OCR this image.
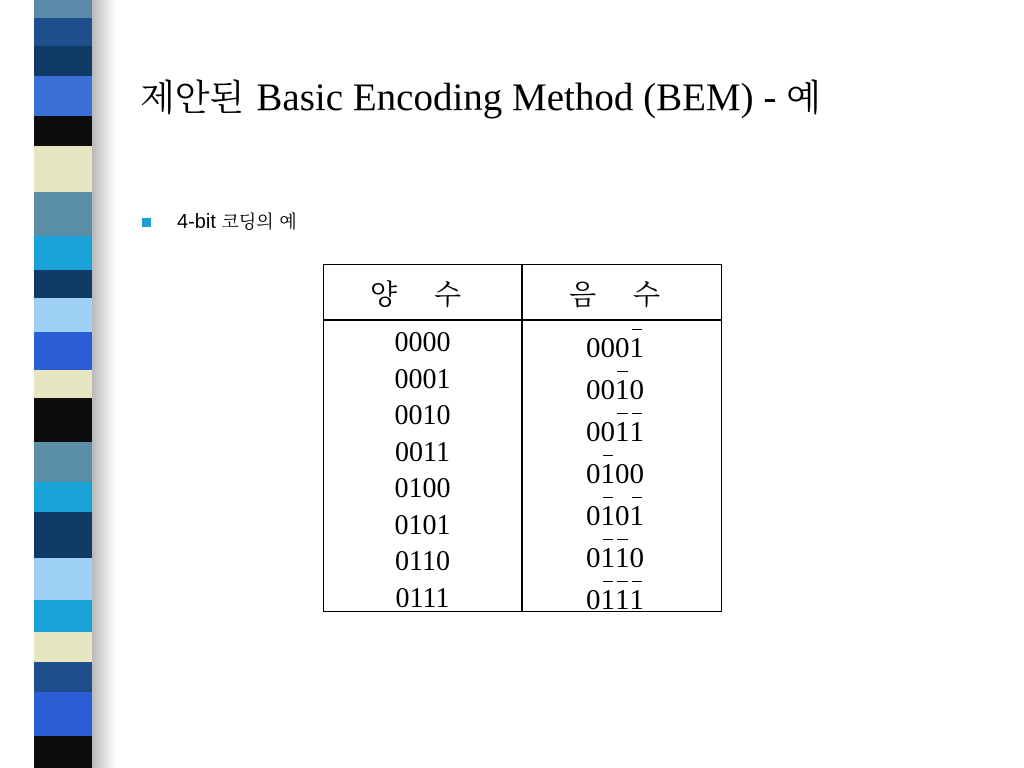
제안된 Basic Encoding Method (BEM) - 예
4-bit 코딩의 예
양 수	음 수
0000
0001
0010
0011
0100
0101
0110
0111
0001
0010
0011
0100
0101
0110
0111
